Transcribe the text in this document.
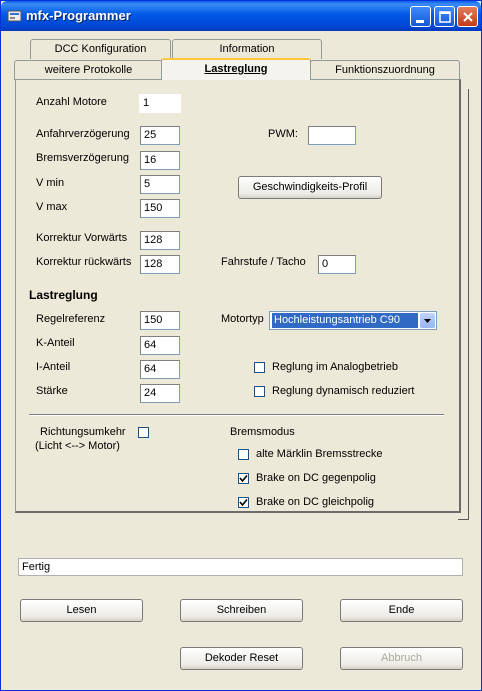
mfx-Programmer
DCC Konfiguration	Information
weitere Protokolle	Lastreglung	Funktionszuordnung
Anzahl Motore	1
Anfahrverzögerung	25
Bremsverzögerung	16
V min	5
V max	150
Korrektur Vorwärts	128
Korrektur rückwärts	128
PWM:
Geschwindigkeits-Profil
Fahrstufe / Tacho	0
Lastreglung
Regelreferenz	150
K-Anteil	64
I-Anteil	64
Stärke	24
Motortyp Hochleistungsantrieb C90
Reglung im Analogbetrieb
Reglung dynamisch reduziert
Richtungsumkehr
(Licht <--> Motor)
Bremsmodus
alte Märklin Bremsstrecke
Brake on DC gegenpolig
Brake on DC gleichpolig
Fertig
Lesen	Schreiben	Ende
Dekoder Reset	Abbruch
